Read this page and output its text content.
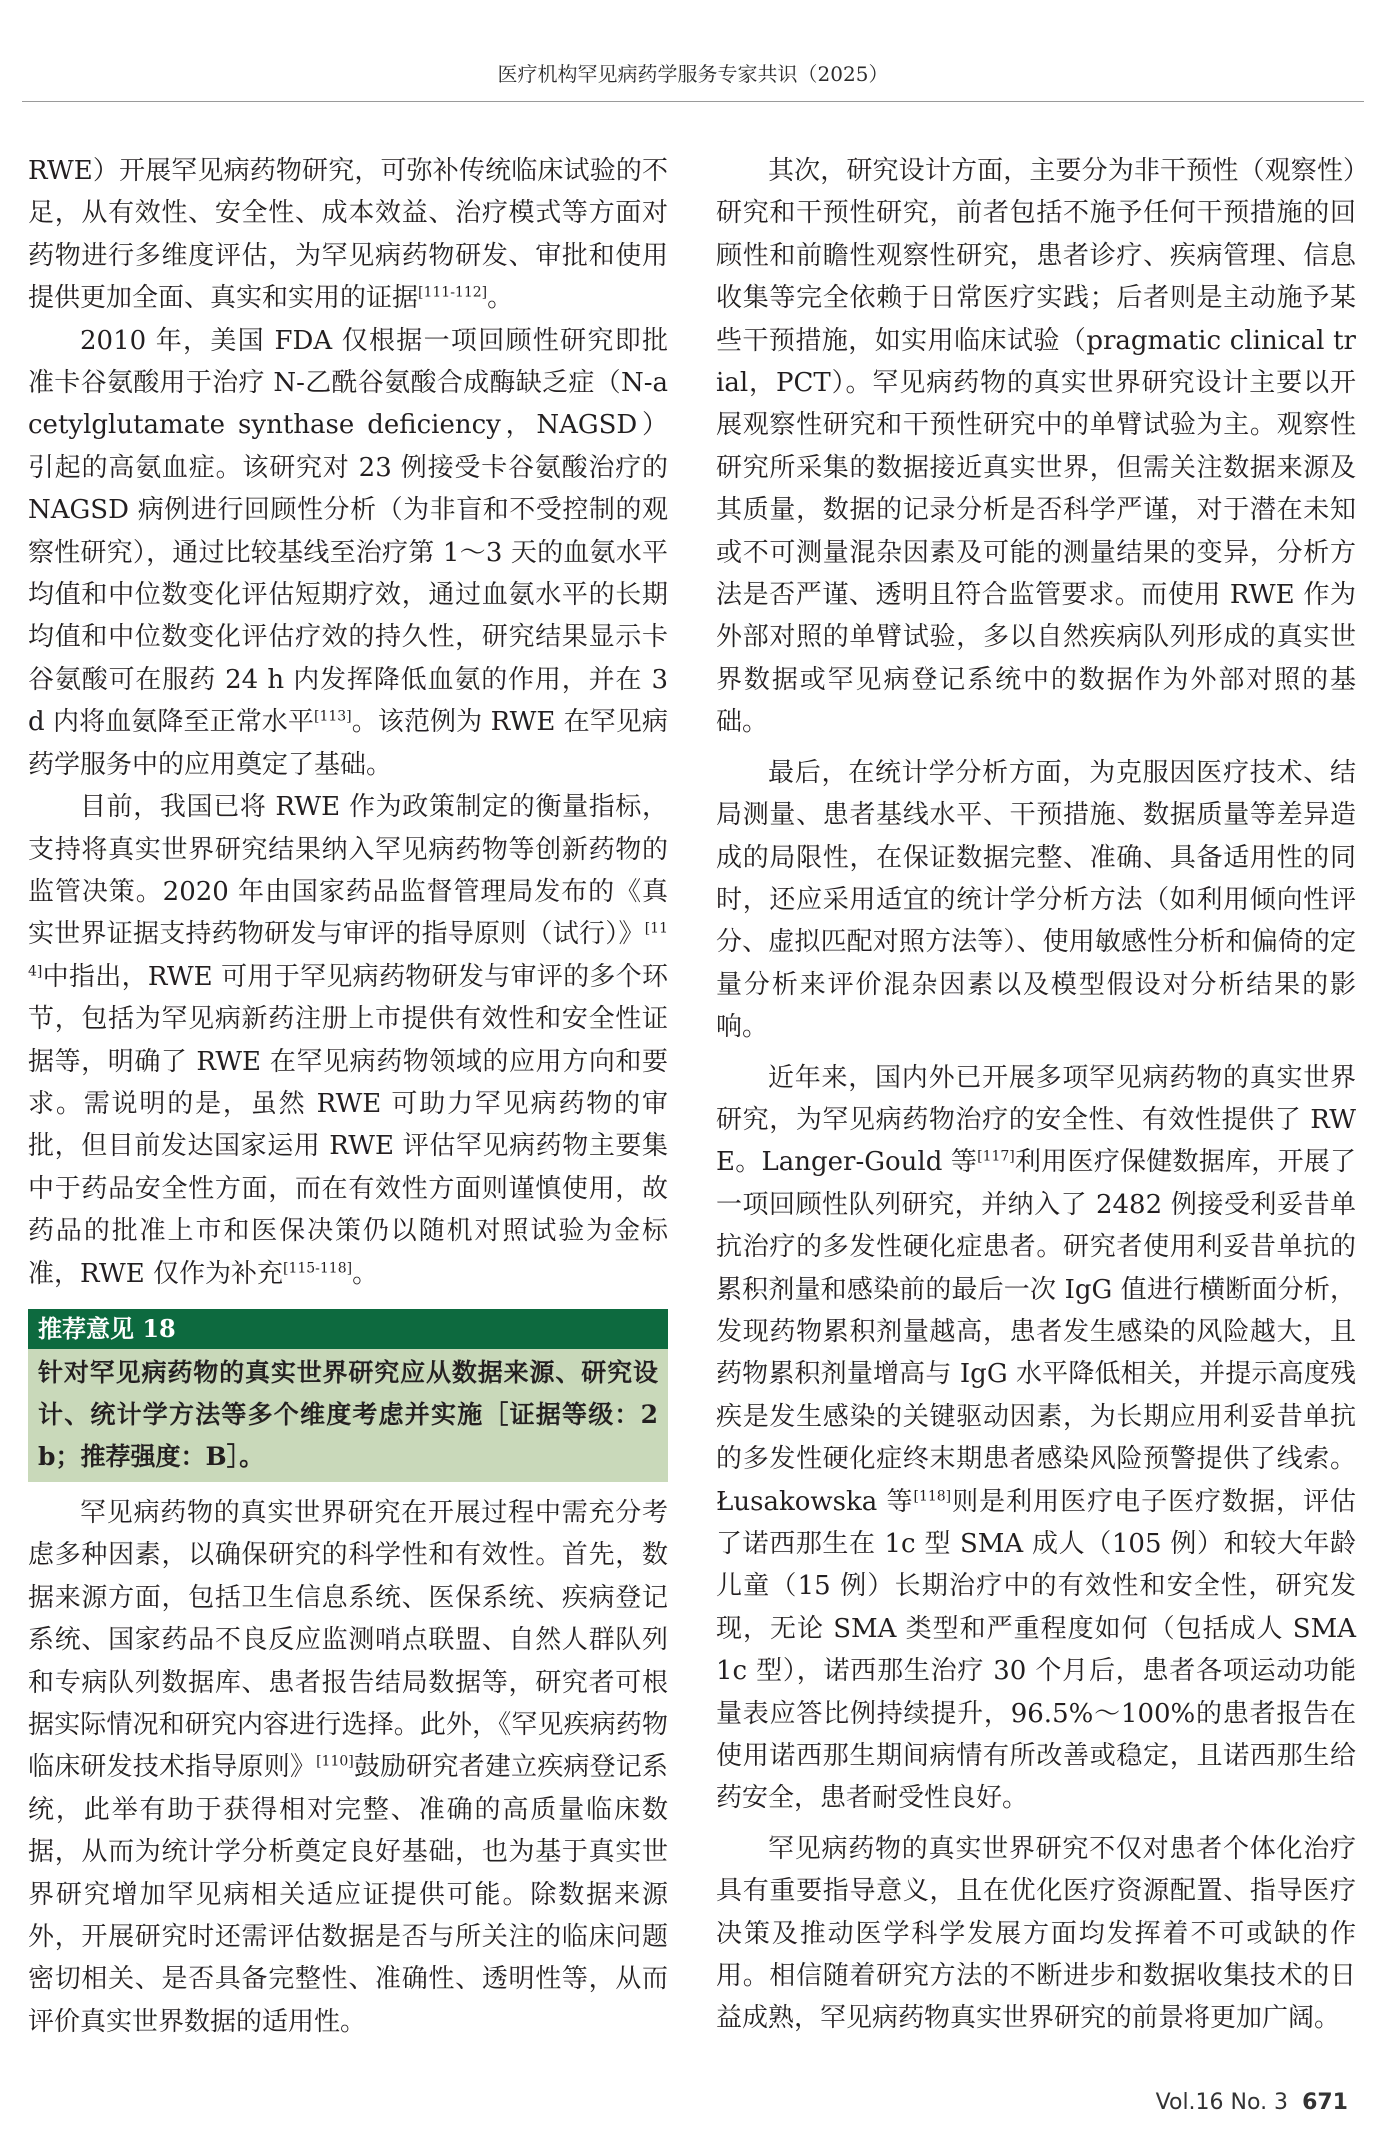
医疗机构罕见病药学服务专家共识（2025）

RWE）开展罕见病药物研究，可弥补传统临床试验的不足，从有效性、安全性、成本效益、治疗模式等方面对药物进行多维度评估，为罕见病药物研发、审批和使用提供更加全面、真实和实用的证据[111-112]。

2010 年，美国 FDA 仅根据一项回顾性研究即批准卡谷氨酸用于治疗 N-乙酰谷氨酸合成酶缺乏症（N-acetylglutamate synthase deficiency，NAGSD）引起的高氨血症。该研究对 23 例接受卡谷氨酸治疗的 NAGSD 病例进行回顾性分析（为非盲和不受控制的观察性研究），通过比较基线至治疗第 1～3 天的血氨水平均值和中位数变化评估短期疗效，通过血氨水平的长期均值和中位数变化评估疗效的持久性，研究结果显示卡谷氨酸可在服药 24 h 内发挥降低血氨的作用，并在 3 d 内将血氨降至正常水平[113]。该范例为 RWE 在罕见病药学服务中的应用奠定了基础。

目前，我国已将 RWE 作为政策制定的衡量指标，支持将真实世界研究结果纳入罕见病药物等创新药物的监管决策。2020 年由国家药品监督管理局发布的《真实世界证据支持药物研发与审评的指导原则（试行）》[114]中指出，RWE 可用于罕见病药物研发与审评的多个环节，包括为罕见病新药注册上市提供有效性和安全性证据等，明确了 RWE 在罕见病药物领域的应用方向和要求。需说明的是，虽然 RWE 可助力罕见病药物的审批，但目前发达国家运用 RWE 评估罕见病药物主要集中于药品安全性方面，而在有效性方面则谨慎使用，故药品的批准上市和医保决策仍以随机对照试验为金标准，RWE 仅作为补充[115-118]。

推荐意见 18
针对罕见病药物的真实世界研究应从数据来源、研究设计、统计学方法等多个维度考虑并实施［证据等级：2b；推荐强度：B］。

罕见病药物的真实世界研究在开展过程中需充分考虑多种因素，以确保研究的科学性和有效性。首先，数据来源方面，包括卫生信息系统、医保系统、疾病登记系统、国家药品不良反应监测哨点联盟、自然人群队列和专病队列数据库、患者报告结局数据等，研究者可根据实际情况和研究内容进行选择。此外，《罕见疾病药物临床研发技术指导原则》[110]鼓励研究者建立疾病登记系统，此举有助于获得相对完整、准确的高质量临床数据，从而为统计学分析奠定良好基础，也为基于真实世界研究增加罕见病相关适应证提供可能。除数据来源外，开展研究时还需评估数据是否与所关注的临床问题密切相关、是否具备完整性、准确性、透明性等，从而评价真实世界数据的适用性。

其次，研究设计方面，主要分为非干预性（观察性）研究和干预性研究，前者包括不施予任何干预措施的回顾性和前瞻性观察性研究，患者诊疗、疾病管理、信息收集等完全依赖于日常医疗实践；后者则是主动施予某些干预措施，如实用临床试验（pragmatic clinical trial，PCT）。罕见病药物的真实世界研究设计主要以开展观察性研究和干预性研究中的单臂试验为主。观察性研究所采集的数据接近真实世界，但需关注数据来源及其质量，数据的记录分析是否科学严谨，对于潜在未知或不可测量混杂因素及可能的测量结果的变异，分析方法是否严谨、透明且符合监管要求。而使用 RWE 作为外部对照的单臂试验，多以自然疾病队列形成的真实世界数据或罕见病登记系统中的数据作为外部对照的基础。

最后，在统计学分析方面，为克服因医疗技术、结局测量、患者基线水平、干预措施、数据质量等差异造成的局限性，在保证数据完整、准确、具备适用性的同时，还应采用适宜的统计学分析方法（如利用倾向性评分、虚拟匹配对照方法等）、使用敏感性分析和偏倚的定量分析来评价混杂因素以及模型假设对分析结果的影响。

近年来，国内外已开展多项罕见病药物的真实世界研究，为罕见病药物治疗的安全性、有效性提供了 RWE。Langer-Gould 等[117]利用医疗保健数据库，开展了一项回顾性队列研究，并纳入了 2482 例接受利妥昔单抗治疗的多发性硬化症患者。研究者使用利妥昔单抗的累积剂量和感染前的最后一次 IgG 值进行横断面分析，发现药物累积剂量越高，患者发生感染的风险越大，且药物累积剂量增高与 IgG 水平降低相关，并提示高度残疾是发生感染的关键驱动因素，为长期应用利妥昔单抗的多发性硬化症终末期患者感染风险预警提供了线索。Łusakowska 等[118]则是利用医疗电子医疗数据，评估了诺西那生在 1c 型 SMA 成人（105 例）和较大年龄儿童（15 例）长期治疗中的有效性和安全性，研究发现，无论 SMA 类型和严重程度如何（包括成人 SMA 1c 型），诺西那生治疗 30 个月后，患者各项运动功能量表应答比例持续提升，96.5%～100%的患者报告在使用诺西那生期间病情有所改善或稳定，且诺西那生给药安全，患者耐受性良好。

罕见病药物的真实世界研究不仅对患者个体化治疗具有重要指导意义，且在优化医疗资源配置、指导医疗决策及推动医学科学发展方面均发挥着不可或缺的作用。相信随着研究方法的不断进步和数据收集技术的日益成熟，罕见病药物真实世界研究的前景将更加广阔。

Vol.16 No. 3 671
